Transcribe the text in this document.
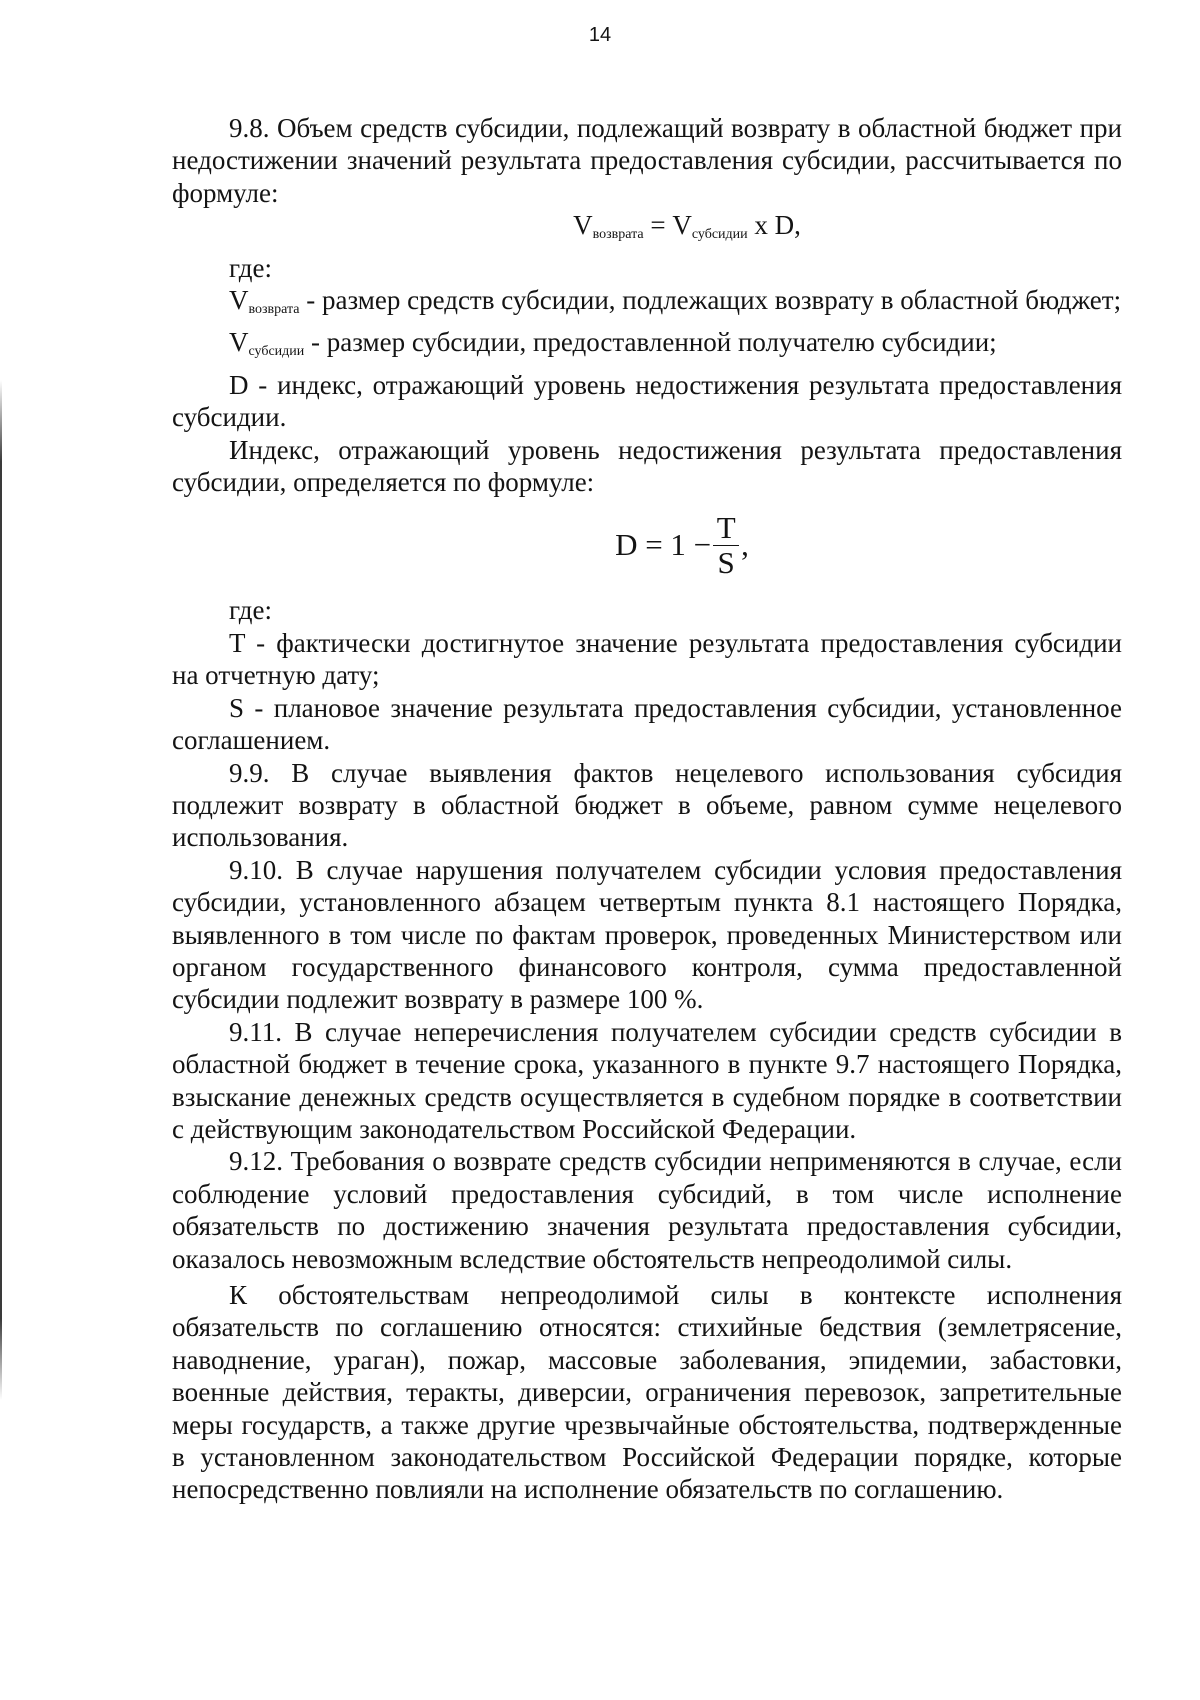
14

9.8. Объем средств субсидии, подлежащий возврату в областной бюджет при недостижении значений результата предоставления субсидии, рассчитывается по формуле:

$V_{возврата} = V_{субсидии}$ x D,

где:

$V_{возврата}$ - размер средств субсидии, подлежащих возврату в областной бюджет;

$V_{субсидии}$ - размер субсидии, предоставленной получателю субсидии;

D - индекс, отражающий уровень недостижения результата предоставления субсидии.

Индекс, отражающий уровень недостижения результата предоставления субсидии, определяется по формуле:

$D = 1 - \frac{T}{S}$ ,

где:

T - фактически достигнутое значение результата предоставления субсидии на отчетную дату;

S - плановое значение результата предоставления субсидии, установленное соглашением.

9.9. В случае выявления фактов нецелевого использования субсидия подлежит возврату в областной бюджет в объеме, равном сумме нецелевого использования.

9.10. В случае нарушения получателем субсидии условия предоставления субсидии, установленного абзацем четвертым пункта 8.1 настоящего Порядка, выявленного в том числе по фактам проверок, проведенных Министерством или органом государственного финансового контроля, сумма предоставленной субсидии подлежит возврату в размере 100 %.

9.11. В случае неперечисления получателем субсидии средств субсидии в областной бюджет в течение срока, указанного в пункте 9.7 настоящего Порядка, взыскание денежных средств осуществляется в судебном порядке в соответствии с действующим законодательством Российской Федерации.

9.12. Требования о возврате средств субсидии неприменяются в случае, если соблюдение условий предоставления субсидий, в том числе исполнение обязательств по достижению значения результата предоставления субсидии, оказалось невозможным вследствие обстоятельств непреодолимой силы.

К обстоятельствам непреодолимой силы в контексте исполнения обязательств по соглашению относятся: стихийные бедствия (землетрясение, наводнение, ураган), пожар, массовые заболевания, эпидемии, забастовки, военные действия, теракты, диверсии, ограничения перевозок, запретительные меры государств, а также другие чрезвычайные обстоятельства, подтвержденные в установленном законодательством Российской Федерации порядке, которые непосредственно повлияли на исполнение обязательств по соглашению.
